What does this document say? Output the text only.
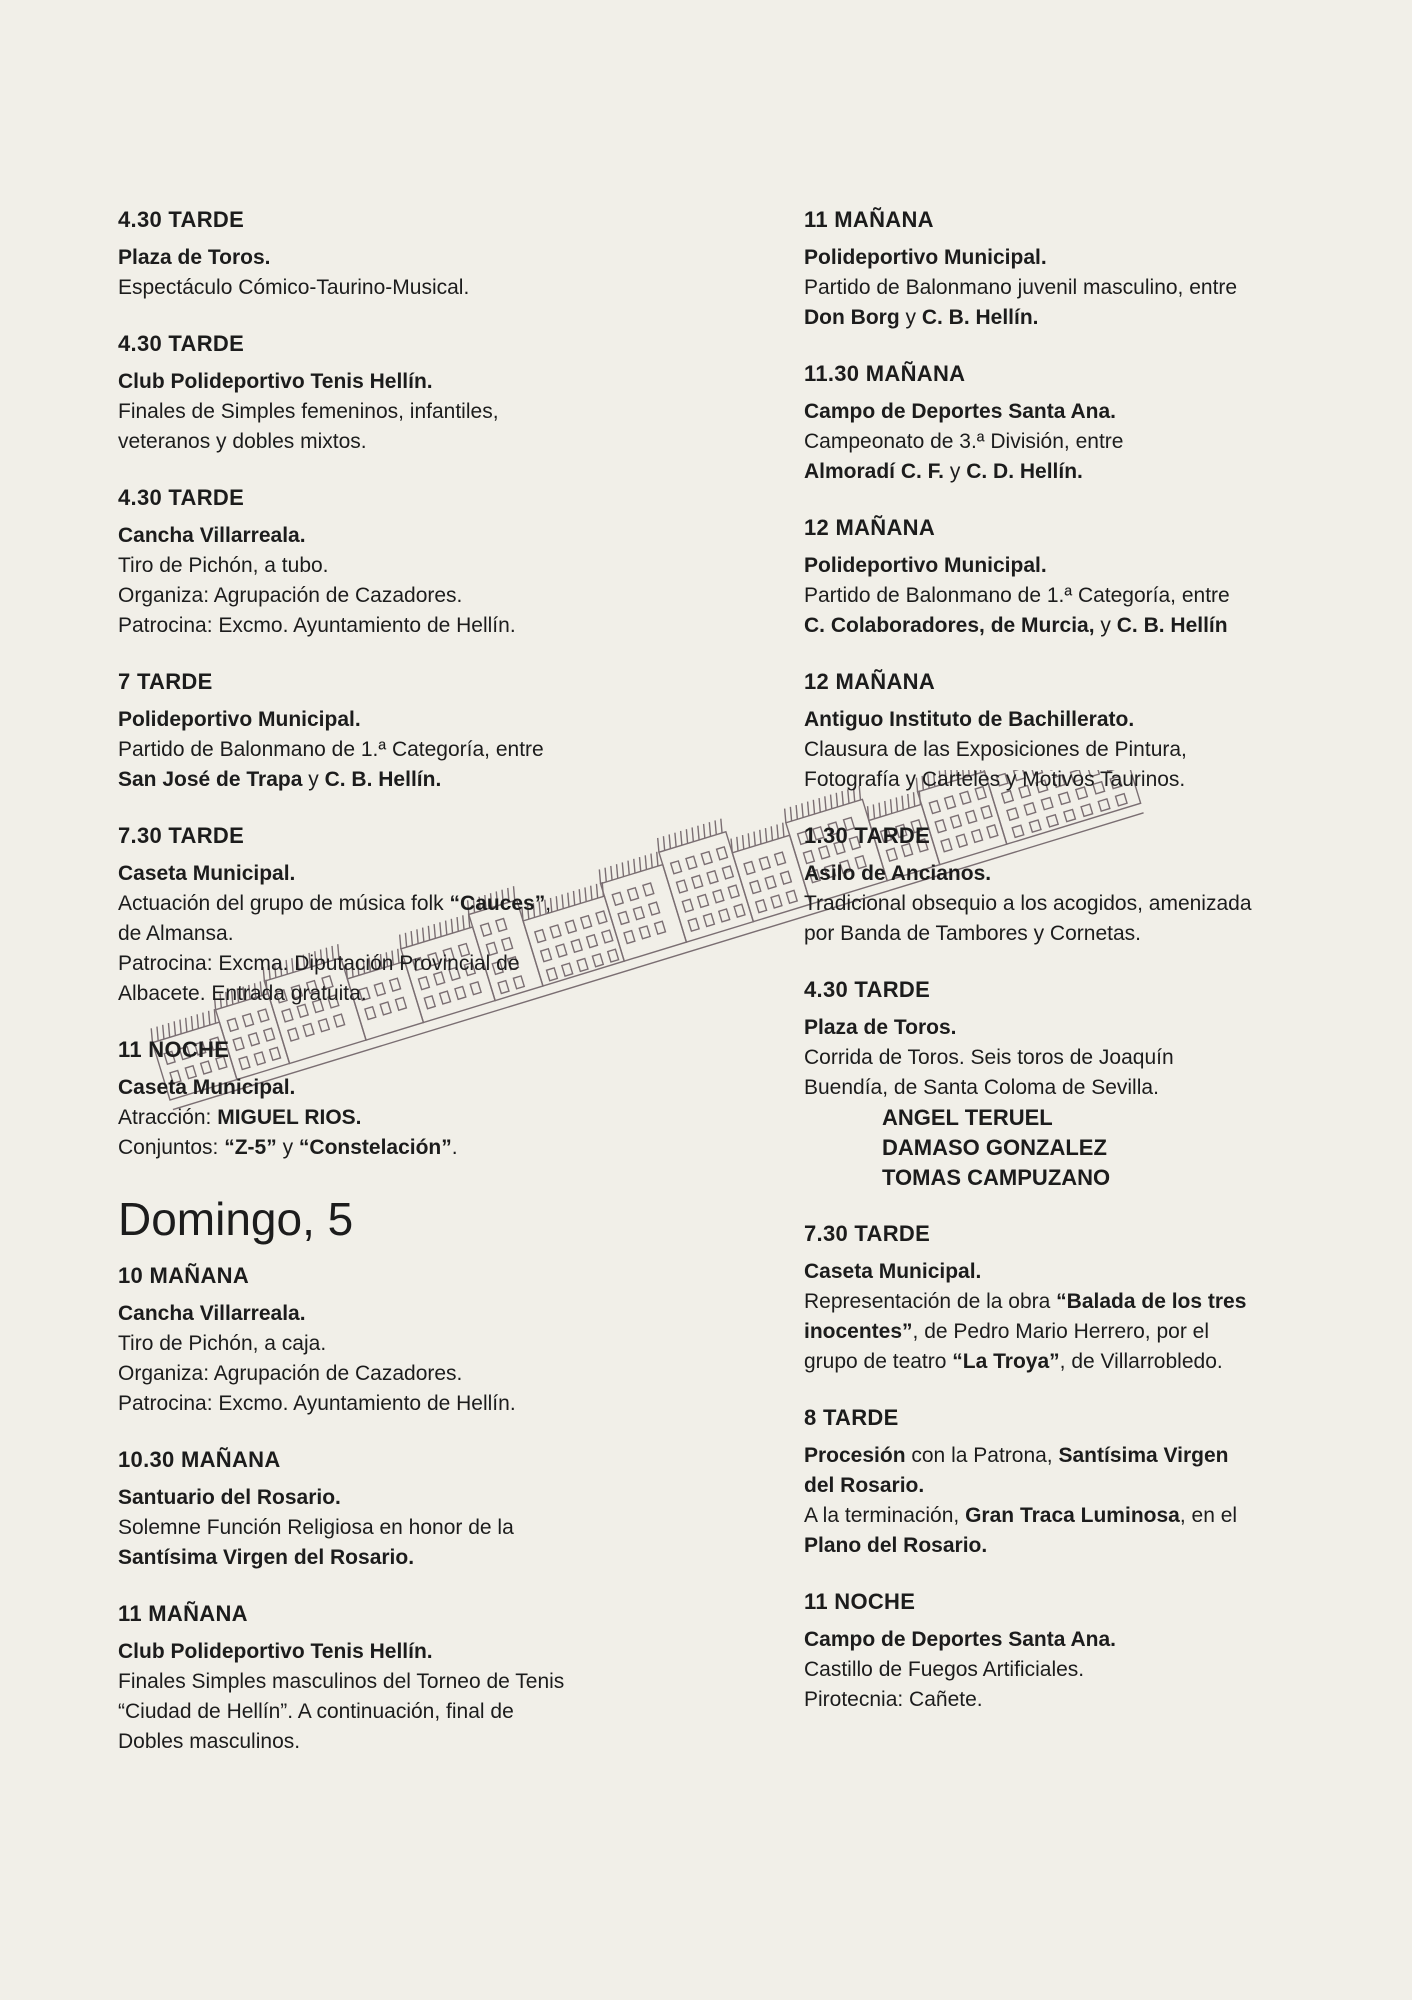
4.30 TARDE
Plaza de Toros.
Espectáculo Cómico-Taurino-Musical.
4.30 TARDE
Club Polideportivo Tenis Hellín.
Finales de Simples femeninos, infantiles,
veteranos y dobles mixtos.
4.30 TARDE
Cancha Villarreala.
Tiro de Pichón, a tubo.
Organiza: Agrupación de Cazadores.
Patrocina: Excmo. Ayuntamiento de Hellín.
7 TARDE
Polideportivo Municipal.
Partido de Balonmano de 1.ª Categoría, entre
San José de Trapa y C. B. Hellín.
7.30 TARDE
Caseta Municipal.
Actuación del grupo de música folk “Cauces”,
de Almansa.
Patrocina: Excma. Diputación Provincial de
Albacete. Entrada gratuita.
11 NOCHE
Caseta Municipal.
Atracción: MIGUEL RIOS.
Conjuntos: “Z-5” y “Constelación”.
Domingo, 5
10 MAÑANA
Cancha Villarreala.
Tiro de Pichón, a caja.
Organiza: Agrupación de Cazadores.
Patrocina: Excmo. Ayuntamiento de Hellín.
10.30 MAÑANA
Santuario del Rosario.
Solemne Función Religiosa en honor de la
Santísima Virgen del Rosario.
11 MAÑANA
Club Polideportivo Tenis Hellín.
Finales Simples masculinos del Torneo de Tenis
“Ciudad de Hellín”. A continuación, final de
Dobles masculinos.
11 MAÑANA
Polideportivo Municipal.
Partido de Balonmano juvenil masculino, entre
Don Borg y C. B. Hellín.
11.30 MAÑANA
Campo de Deportes Santa Ana.
Campeonato de 3.ª División, entre
Almoradí C. F. y C. D. Hellín.
12 MAÑANA
Polideportivo Municipal.
Partido de Balonmano de 1.ª Categoría, entre
C. Colaboradores, de Murcia, y C. B. Hellín
12 MAÑANA
Antiguo Instituto de Bachillerato.
Clausura de las Exposiciones de Pintura,
Fotografía y Carteles y Motivos Taurinos.
1.30 TARDE
Asilo de Ancianos.
Tradicional obsequio a los acogidos, amenizada
por Banda de Tambores y Cornetas.
4.30 TARDE
Plaza de Toros.
Corrida de Toros. Seis toros de Joaquín
Buendía, de Santa Coloma de Sevilla.
ANGEL TERUEL
DAMASO GONZALEZ
TOMAS CAMPUZANO
7.30 TARDE
Caseta Municipal.
Representación de la obra “Balada de los tres
inocentes”, de Pedro Mario Herrero, por el
grupo de teatro “La Troya”, de Villarrobledo.
8 TARDE
Procesión con la Patrona, Santísima Virgen
del Rosario.
A la terminación, Gran Traca Luminosa, en el
Plano del Rosario.
11 NOCHE
Campo de Deportes Santa Ana.
Castillo de Fuegos Artificiales.
Pirotecnia: Cañete.
